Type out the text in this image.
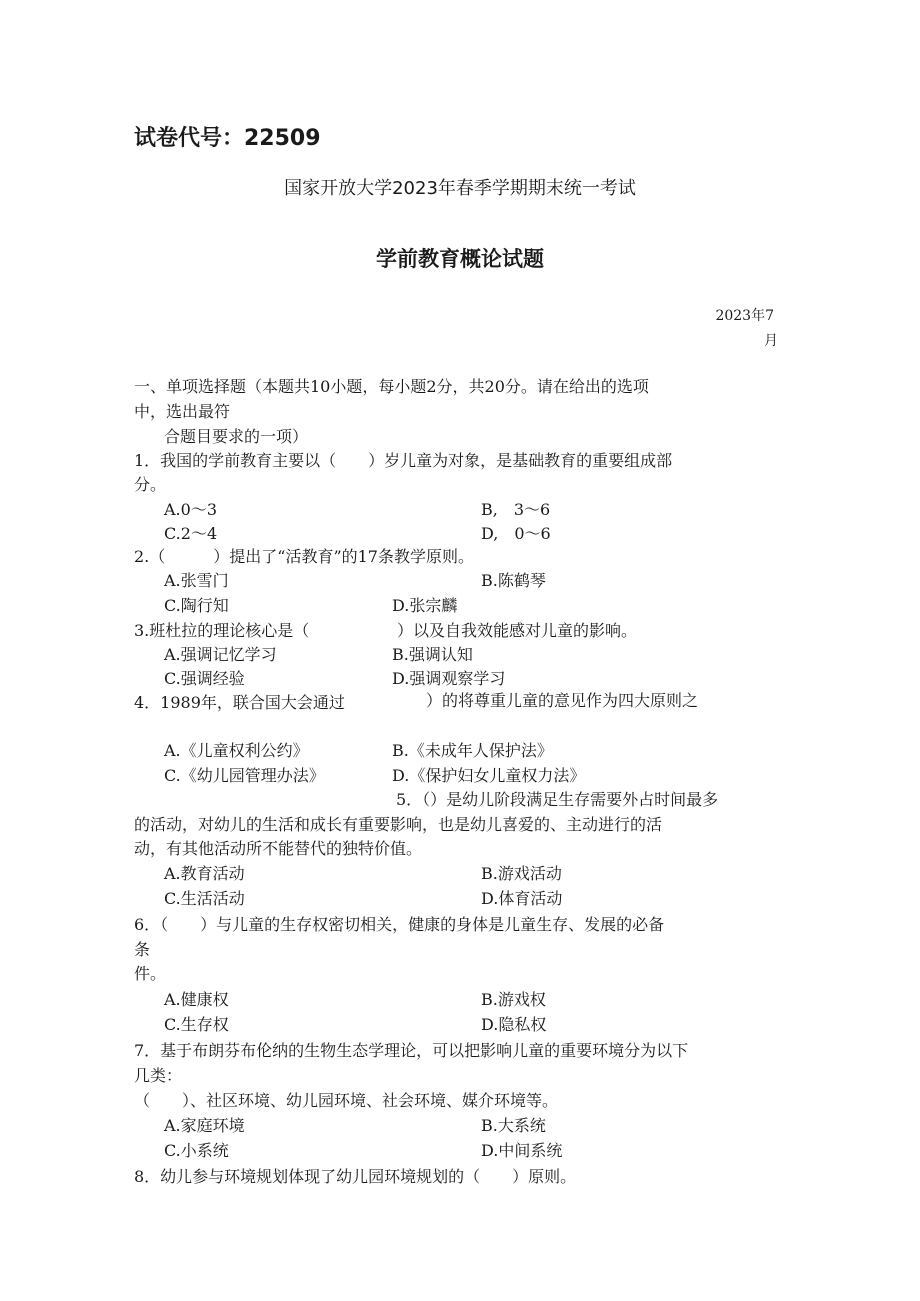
试卷代号：22509
国家开放大学2023年春季学期期末统一考试
学前教育概论试题
2023年7
月
一、单项选择题（本题共10小题，每小题2分，共20分。请在给出的选项
中，选出最符
合题目要求的一项）
1．我国的学前教育主要以（　　）岁儿童为对象，是基础教育的重要组成部
分。
A.0～3	B,　3～6
C.2～4	D,　0～6
2.（　　　）提出了“活教育”的17条教学原则。
A.张雪门	B.陈鹤琴
C.陶行知	D.张宗麟
3.班杜拉的理论核心是（	）以及自我效能感对儿童的影响。
A.强调记忆学习	B.强调认知
C.强调经验	D.强调观察学习
4．1989年，联合国大会通过	）的将尊重儿童的意见作为四大原则之
A.《儿童权利公约》	B.《未成年人保护法》
C.《幼儿园管理办法》	D.《保护妇女儿童权力法》
5．（）是幼儿阶段满足生存需要外占时间最多
的活动，对幼儿的生活和成长有重要影响，也是幼儿喜爱的、主动进行的活
动，有其他活动所不能替代的独特价值。
A.教育活动	B.游戏活动
C.生活活动	D.体育活动
6．（　　）与儿童的生存权密切相关，健康的身体是儿童生存、发展的必备
条
件。
A.健康权	B.游戏权
C.生存权	D.隐私权
7．基于布朗芬布伦纳的生物生态学理论，可以把影响儿童的重要环境分为以下
几类：
（　　）、社区环境、幼儿园环境、社会环境、媒介环境等。
A.家庭环境	B.大系统
C.小系统	D.中间系统
8．幼儿参与环境规划体现了幼儿园环境规划的（　　）原则。
